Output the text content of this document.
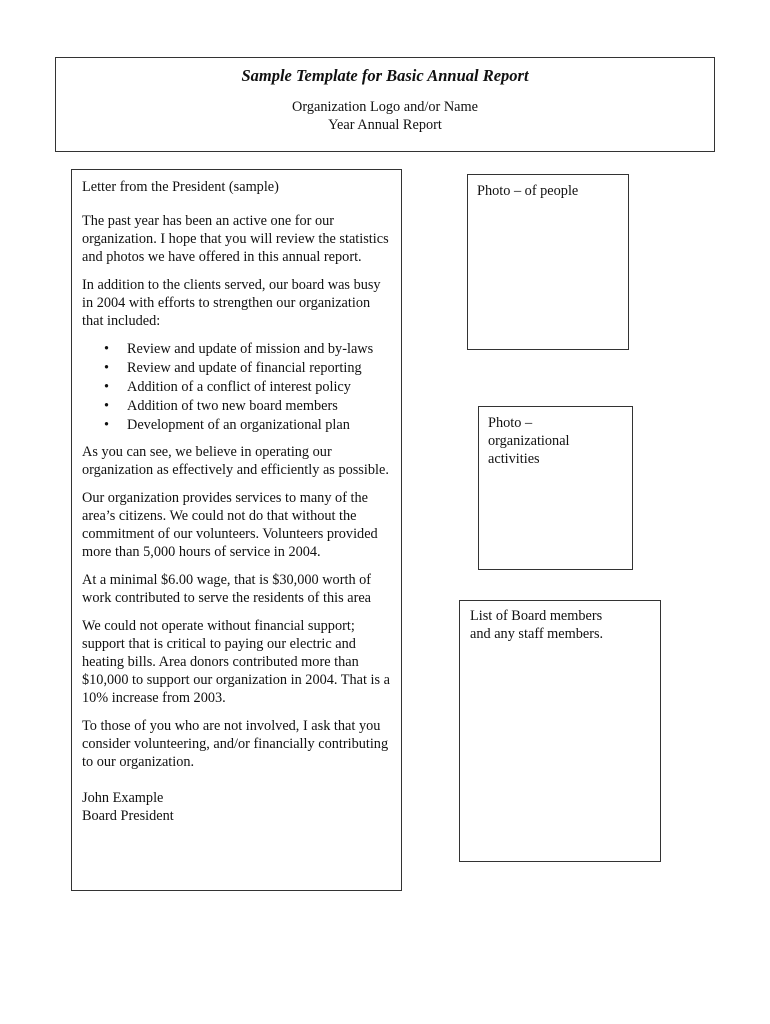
Sample Template for Basic Annual Report
Organization Logo and/or Name
Year Annual Report

Letter from the President (sample)

The past year has been an active one for our organization. I hope that you will review the statistics and photos we have offered in this annual report.

In addition to the clients served, our board was busy in 2004 with efforts to strengthen our organization that included:

• Review and update of mission and by-laws
• Review and update of financial reporting
• Addition of a conflict of interest policy
• Addition of two new board members
• Development of an organizational plan

As you can see, we believe in operating our organization as effectively and efficiently as possible.

Our organization provides services to many of the area’s citizens. We could not do that without the commitment of our volunteers. Volunteers provided more than 5,000 hours of service in 2004.

At a minimal $6.00 wage, that is $30,000 worth of work contributed to serve the residents of this area

We could not operate without financial support; support that is critical to paying our electric and heating bills. Area donors contributed more than $10,000 to support our organization in 2004. That is a 10% increase from 2003.

To those of you who are not involved, I ask that you consider volunteering, and/or financially contributing to our organization.

John Example
Board President
Photo – of people
Photo –
organizational
activities
List of Board members
and any staff members.
